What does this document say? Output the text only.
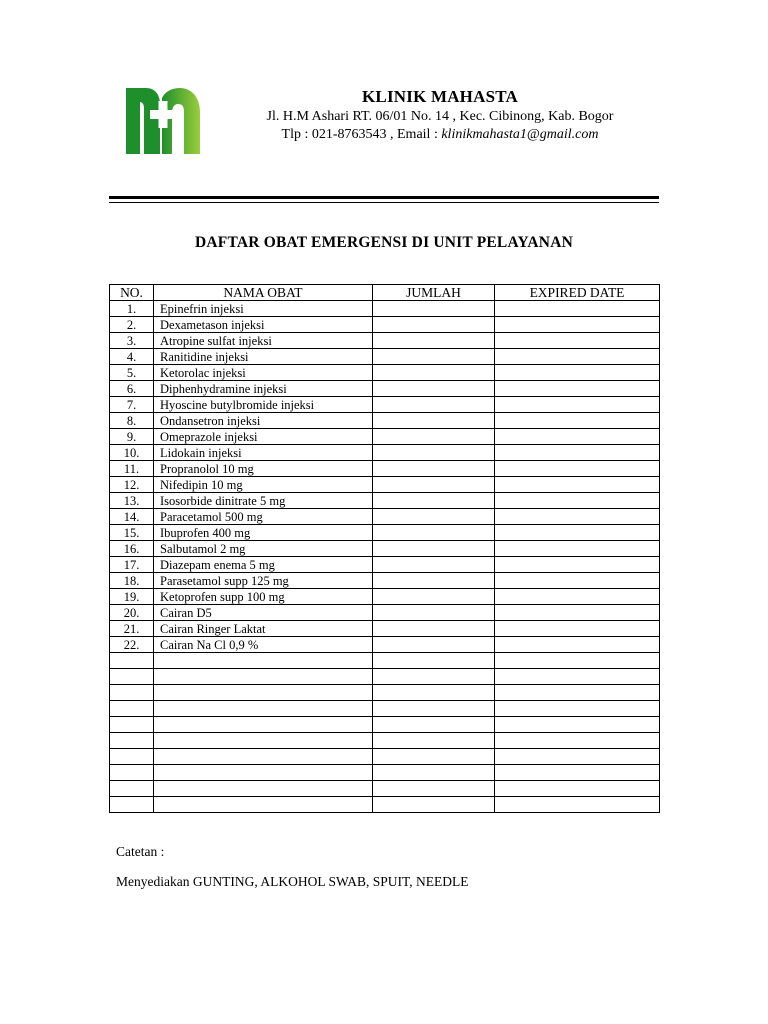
KLINIK MAHASTA
Jl. H.M Ashari RT. 06/01 No. 14 , Kec. Cibinong, Kab. Bogor
Tlp : 021-8763543 , Email : klinikmahasta1@gmail.com
DAFTAR OBAT EMERGENSI DI UNIT PELAYANAN
NO.	NAMA OBAT	JUMLAH	EXPIRED DATE
1.	Epinefrin injeksi		
2.	Dexametason injeksi		
3.	Atropine sulfat injeksi		
4.	Ranitidine injeksi		
5.	Ketorolac injeksi		
6.	Diphenhydramine injeksi		
7.	Hyoscine butylbromide injeksi		
8.	Ondansetron injeksi		
9.	Omeprazole injeksi		
10.	Lidokain injeksi		
11.	Propranolol 10 mg		
12.	Nifedipin 10 mg		
13.	Isosorbide dinitrate 5 mg		
14.	Paracetamol 500 mg		
15.	Ibuprofen 400 mg		
16.	Salbutamol 2 mg		
17.	Diazepam enema 5 mg		
18.	Parasetamol supp 125 mg		
19.	Ketoprofen supp 100 mg		
20.	Cairan D5		
21.	Cairan Ringer Laktat		
22.	Cairan Na Cl 0,9 %		

Catetan :
Menyediakan GUNTING, ALKOHOL SWAB, SPUIT, NEEDLE
